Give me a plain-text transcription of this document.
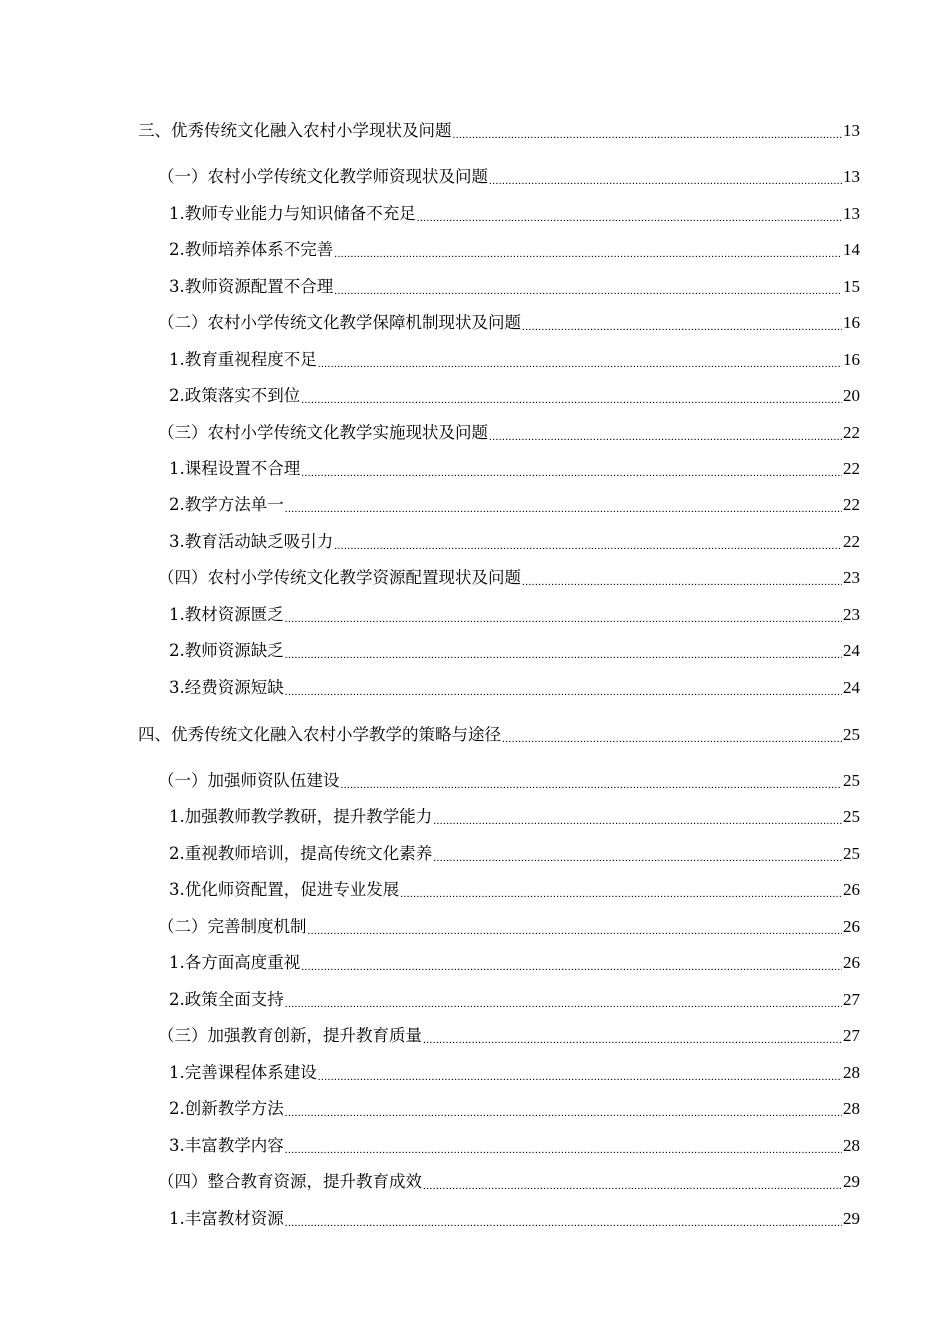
三、优秀传统文化融入农村小学现状及问题 .....	13
（一）农村小学传统文化教学师资现状及问题 .....	13
1.教师专业能力与知识储备不充足 .....	13
2.教师培养体系不完善 .....	14
3.教师资源配置不合理 .....	15
（二）农村小学传统文化教学保障机制现状及问题 .....	16
1.教育重视程度不足 .....	16
2.政策落实不到位 .....	20
（三）农村小学传统文化教学实施现状及问题 .....	22
1.课程设置不合理 .....	22
2.教学方法单一 .....	22
3.教育活动缺乏吸引力 .....	22
（四）农村小学传统文化教学资源配置现状及问题 .....	23
1.教材资源匮乏 .....	23
2.教师资源缺乏 .....	24
3.经费资源短缺 .....	24
四、优秀传统文化融入农村小学教学的策略与途径 .....	25
（一）加强师资队伍建设 .....	25
1.加强教师教学教研，提升教学能力 .....	25
2.重视教师培训，提高传统文化素养 .....	25
3.优化师资配置，促进专业发展 .....	26
（二）完善制度机制 .....	26
1.各方面高度重视 .....	26
2.政策全面支持 .....	27
（三）加强教育创新，提升教育质量 .....	27
1.完善课程体系建设 .....	28
2.创新教学方法 .....	28
3.丰富教学内容 .....	28
（四）整合教育资源，提升教育成效 .....	29
1.丰富教材资源 .....	29
